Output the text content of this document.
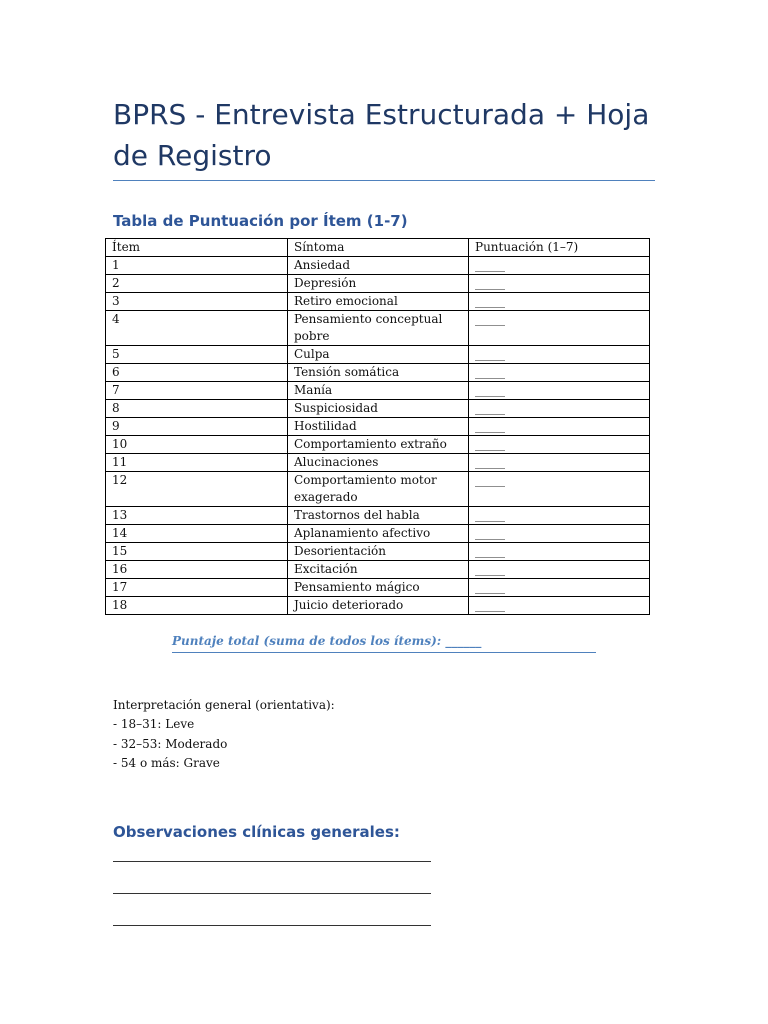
BPRS - Entrevista Estructurada + Hoja de Registro
Tabla de Puntuación por Ítem (1-7)
Ítem	Síntoma	Puntuación (1–7)
1	Ansiedad	_____
2	Depresión	_____
3	Retiro emocional	_____
4	Pensamiento conceptual pobre	_____
5	Culpa	_____
6	Tensión somática	_____
7	Manía	_____
8	Suspiciosidad	_____
9	Hostilidad	_____
10	Comportamiento extraño	_____
11	Alucinaciones	_____
12	Comportamiento motor exagerado	_____
13	Trastornos del habla	_____
14	Aplanamiento afectivo	_____
15	Desorientación	_____
16	Excitación	_____
17	Pensamiento mágico	_____
18	Juicio deteriorado	_____
Puntaje total (suma de todos los ítems): ______
Interpretación general (orientativa):
- 18–31: Leve
- 32–53: Moderado
- 54 o más: Grave
Observaciones clínicas generales:
